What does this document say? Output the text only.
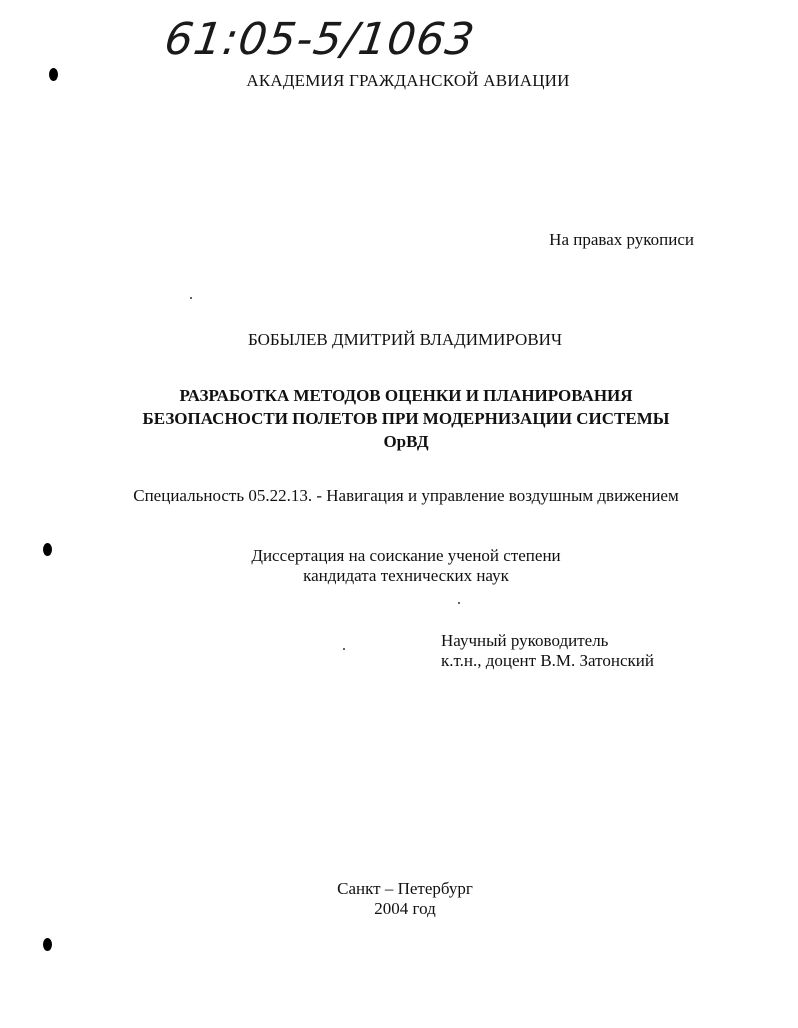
61:05-5/1063
АКАДЕМИЯ ГРАЖДАНСКОЙ АВИАЦИИ
На правах рукописи
БОБЫЛЕВ ДМИТРИЙ ВЛАДИМИРОВИЧ
РАЗРАБОТКА МЕТОДОВ ОЦЕНКИ И ПЛАНИРОВАНИЯ
БЕЗОПАСНОСТИ ПОЛЕТОВ ПРИ МОДЕРНИЗАЦИИ СИСТЕМЫ
ОрВД
Специальность 05.22.13. - Навигация и управление воздушным движением
Диссертация на соискание ученой степени
кандидата технических наук
Научный руководитель
к.т.н., доцент В.М. Затонский
Санкт – Петербург
2004 год
